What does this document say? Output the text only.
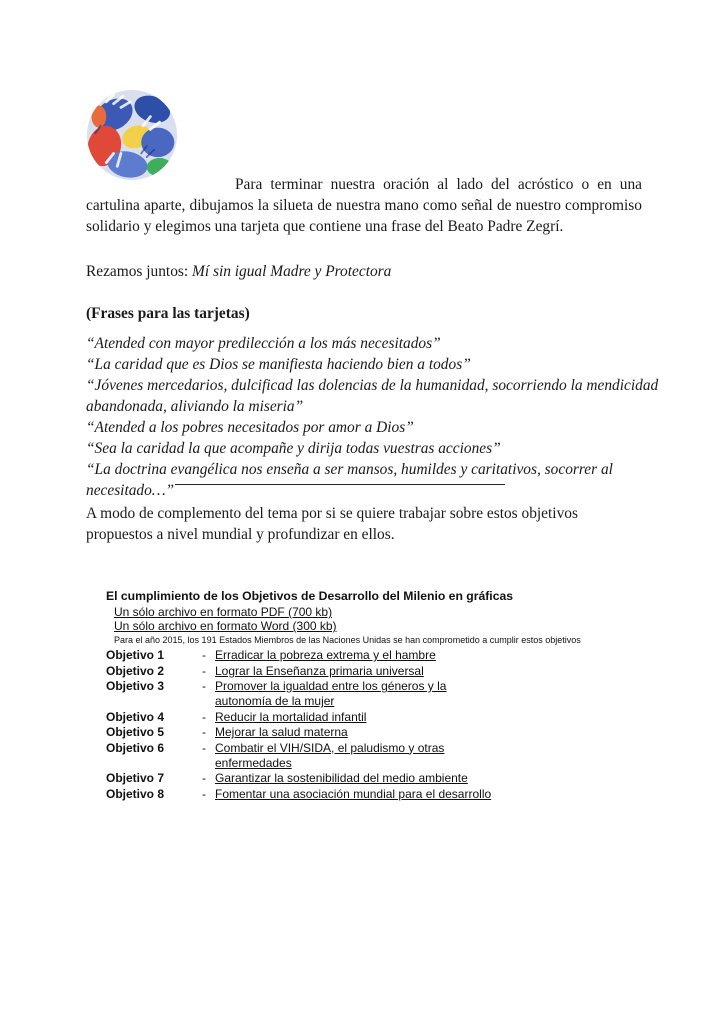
Para terminar nuestra oración al lado del acróstico o en una cartulina aparte, dibujamos la silueta de nuestra mano como señal de nuestro compromiso solidario y elegimos una tarjeta que contiene una frase del Beato Padre Zegrí.
Rezamos juntos: Mí sin igual Madre y Protectora
(Frases para las tarjetas)
“Atended con mayor predilección a los más necesitados”
“La caridad que es Dios se manifiesta haciendo bien a todos”
“Jóvenes mercedarios, dulcificad las dolencias de la humanidad, socorriendo la mendicidad
abandonada, aliviando la miseria”
“Atended a los pobres necesitados por amor a Dios”
“Sea la caridad la que acompañe y dirija todas vuestras acciones”
“La doctrina evangélica nos enseña a ser mansos, humildes y caritativos, socorrer al
necesitado…”
A modo de complemento del tema por si se quiere trabajar sobre estos objetivos propuestos a nivel mundial y profundizar en ellos.
El cumplimiento de los Objetivos de Desarrollo del Milenio en gráficas
Un sólo archivo en formato PDF (700 kb)
Un sólo archivo en formato Word (300 kb)
Para el año 2015, los 191 Estados Miembros de las Naciones Unidas se han comprometido a cumplir estos objetivos
Objetivo 1	- Erradicar la pobreza extrema y el hambre
Objetivo 2	- Lograr la Enseñanza primaria universal
Objetivo 3	- Promover la igualdad entre los géneros y la autonomía de la mujer
Objetivo 4	- Reducir la mortalidad infantil
Objetivo 5	- Mejorar la salud materna
Objetivo 6	- Combatir el VIH/SIDA, el paludismo y otras enfermedades
Objetivo 7	- Garantizar la sostenibilidad del medio ambiente
Objetivo 8	- Fomentar una asociación mundial para el desarrollo
